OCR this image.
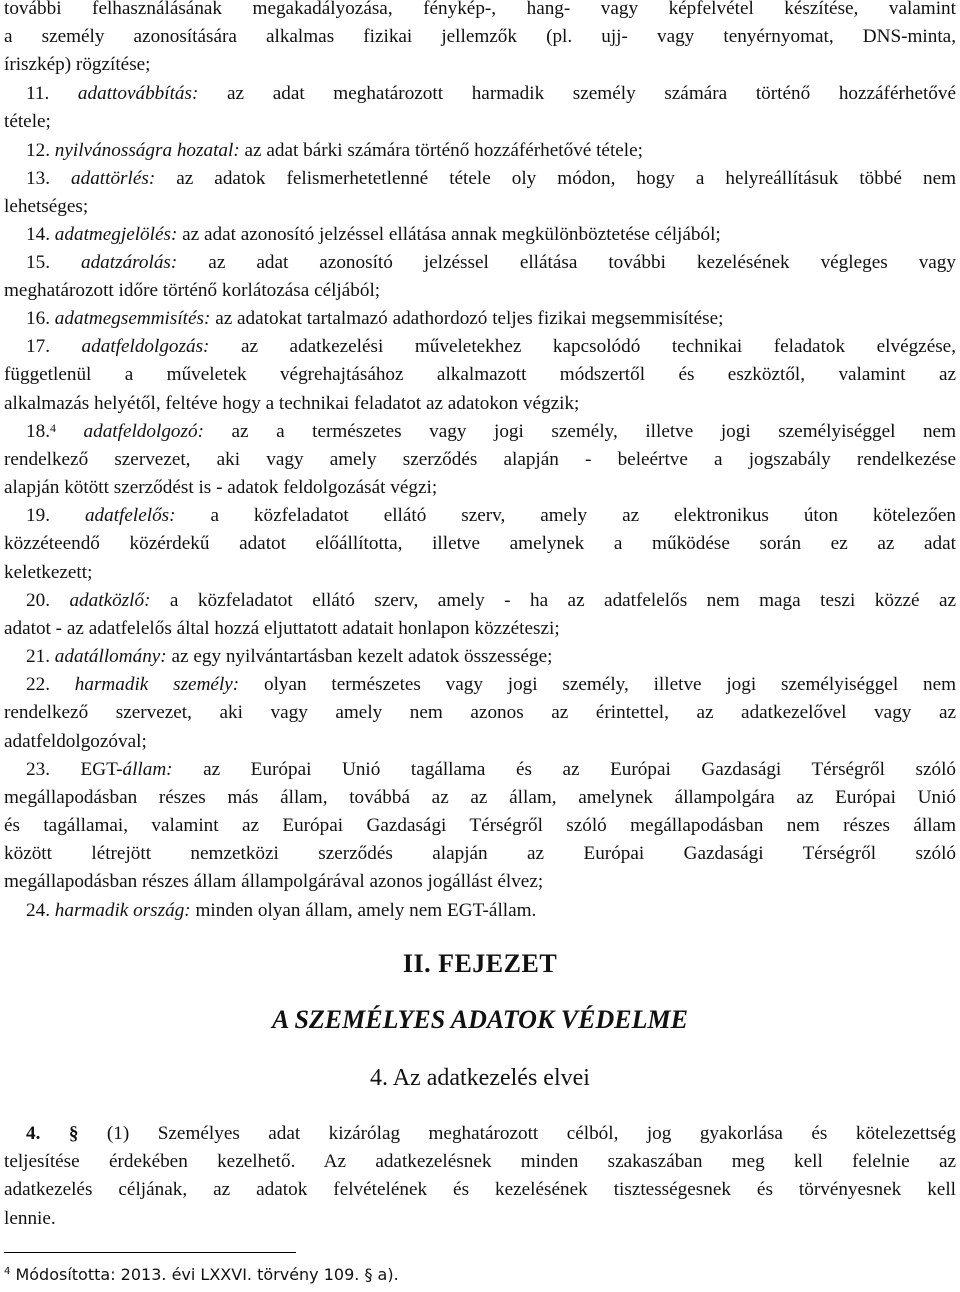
további felhasználásának megakadályozása, fénykép-, hang- vagy képfelvétel készítése, valamint
a személy azonosítására alkalmas fizikai jellemzők (pl. ujj- vagy tenyérnyomat, DNS-minta,
íriszkép) rögzítése;
11. adattovábbítás: az adat meghatározott harmadik személy számára történő hozzáférhetővé
tétele;
12. nyilvánosságra hozatal: az adat bárki számára történő hozzáférhetővé tétele;
13. adattörlés: az adatok felismerhetetlenné tétele oly módon, hogy a helyreállításuk többé nem
lehetséges;
14. adatmegjelölés: az adat azonosító jelzéssel ellátása annak megkülönböztetése céljából;
15. adatzárolás: az adat azonosító jelzéssel ellátása további kezelésének végleges vagy
meghatározott időre történő korlátozása céljából;
16. adatmegsemmisítés: az adatokat tartalmazó adathordozó teljes fizikai megsemmisítése;
17. adatfeldolgozás: az adatkezelési műveletekhez kapcsolódó technikai feladatok elvégzése,
függetlenül a műveletek végrehajtásához alkalmazott módszertől és eszköztől, valamint az
alkalmazás helyétől, feltéve hogy a technikai feladatot az adatokon végzik;
18.$^4$ adatfeldolgozó: az a természetes vagy jogi személy, illetve jogi személyiséggel nem
rendelkező szervezet, aki vagy amely szerződés alapján - beleértve a jogszabály rendelkezése
alapján kötött szerződést is - adatok feldolgozását végzi;
19. adatfelelős: a közfeladatot ellátó szerv, amely az elektronikus úton kötelezően
közzéteendő közérdekű adatot előállította, illetve amelynek a működése során ez az adat
keletkezett;
20. adatközlő: a közfeladatot ellátó szerv, amely - ha az adatfelelős nem maga teszi közzé az
adatot - az adatfelelős által hozzá eljuttatott adatait honlapon közzéteszi;
21. adatállomány: az egy nyilvántartásban kezelt adatok összessége;
22. harmadik személy: olyan természetes vagy jogi személy, illetve jogi személyiséggel nem
rendelkező szervezet, aki vagy amely nem azonos az érintettel, az adatkezelővel vagy az
adatfeldolgozóval;
23. EGT-állam: az Európai Unió tagállama és az Európai Gazdasági Térségről szóló
megállapodásban részes más állam, továbbá az az állam, amelynek állampolgára az Európai Unió
és tagállamai, valamint az Európai Gazdasági Térségről szóló megállapodásban nem részes állam
között létrejött nemzetközi szerződés alapján az Európai Gazdasági Térségről szóló
megállapodásban részes állam állampolgárával azonos jogállást élvez;
24. harmadik ország: minden olyan állam, amely nem EGT-állam.
II. FEJEZET
A SZEMÉLYES ADATOK VÉDELME
4. Az adatkezelés elvei
4. § (1) Személyes adat kizárólag meghatározott célból, jog gyakorlása és kötelezettség
teljesítése érdekében kezelhető. Az adatkezelésnek minden szakaszában meg kell felelnie az
adatkezelés céljának, az adatok felvételének és kezelésének tisztességesnek és törvényesnek kell
lennie.
$^4$ Módosította: 2013. évi LXXVI. törvény 109. § a).
